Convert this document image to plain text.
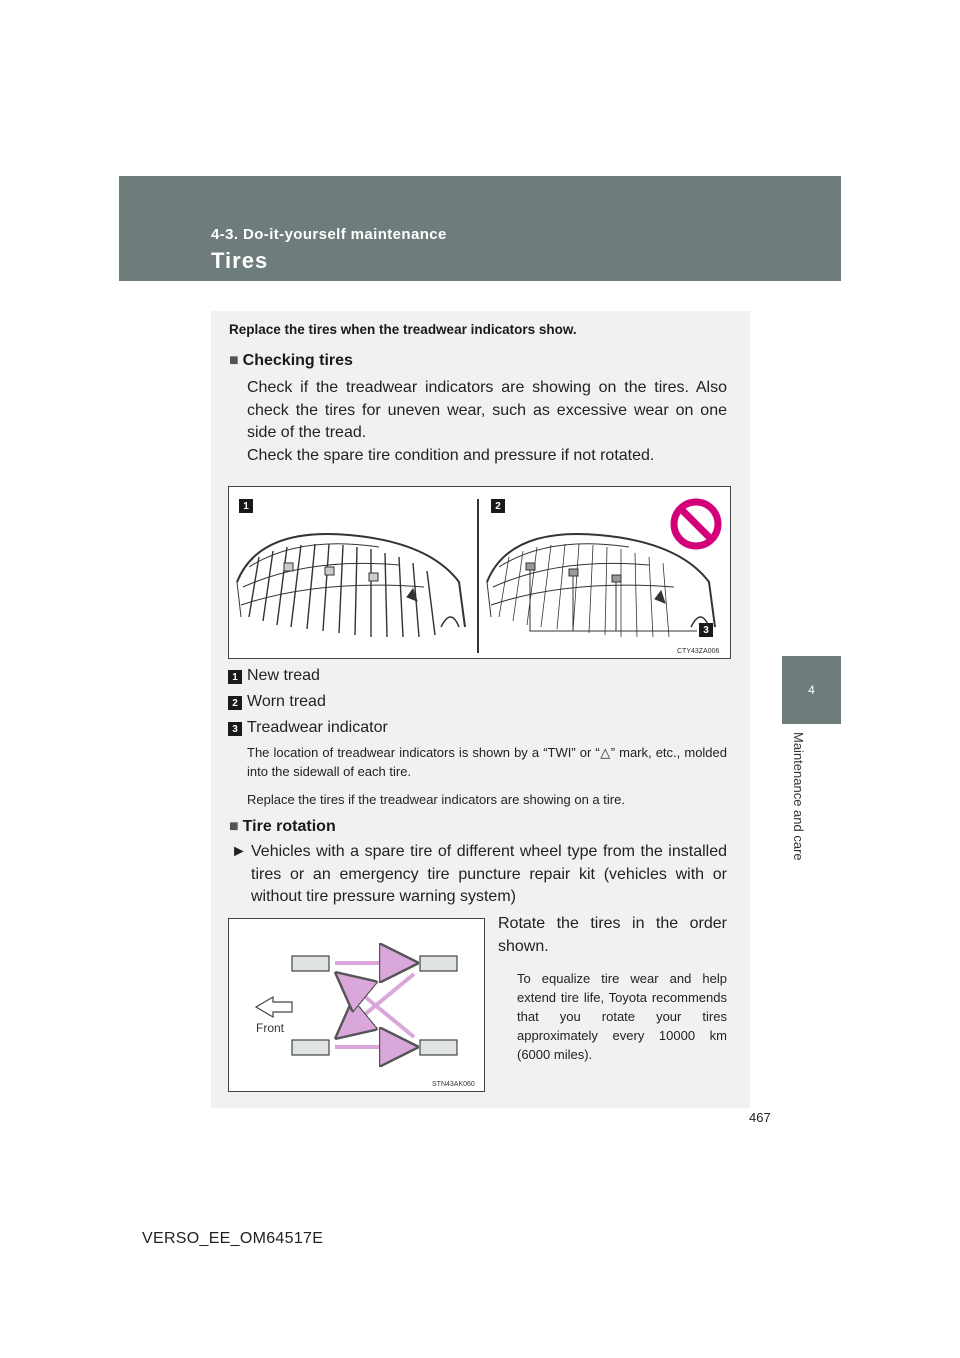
4-3. Do-it-yourself maintenance
Tires
4
Maintenance and care
Replace the tires when the treadwear indicators show.
■ Checking tires

Check if the treadwear indicators are showing on the tires. Also check the tires for uneven wear, such as excessive wear on one side of the tread.

Check the spare tire condition and pressure if not rotated.

1	2
3
CTY43ZA006
1 New tread
2 Worn tread
3 Treadwear indicator
The location of treadwear indicators is shown by a “TWI” or “△” mark, etc., molded into the sidewall of each tire.
Replace the tires if the treadwear indicators are showing on a tire.
■ Tire rotation
► Vehicles with a spare tire of different wheel type from the installed tires or an emergency tire puncture repair kit (vehicles with or without tire pressure warning system)
Front
STN43AK060
Rotate the tires in the order shown.
To equalize tire wear and help extend tire life, Toyota recommends that you rotate your tires approximately every 10000 km (6000 miles).
467
VERSO_EE_OM64517E
